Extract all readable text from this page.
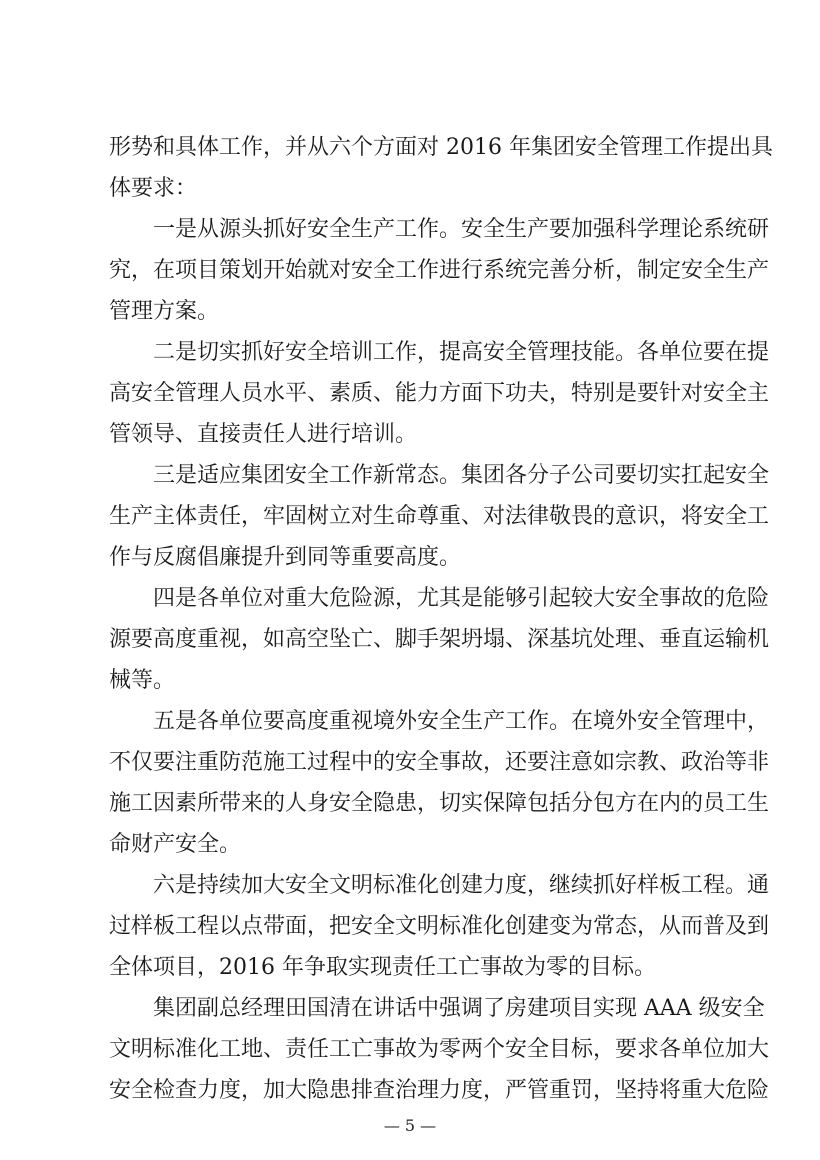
形势和具体工作，并从六个方面对 2016 年集团安全管理工作提出具
体要求：
一是从源头抓好安全生产工作。安全生产要加强科学理论系统研
究，在项目策划开始就对安全工作进行系统完善分析，制定安全生产
管理方案。
二是切实抓好安全培训工作，提高安全管理技能。各单位要在提
高安全管理人员水平、素质、能力方面下功夫，特别是要针对安全主
管领导、直接责任人进行培训。
三是适应集团安全工作新常态。集团各分子公司要切实扛起安全
生产主体责任，牢固树立对生命尊重、对法律敬畏的意识，将安全工
作与反腐倡廉提升到同等重要高度。
四是各单位对重大危险源，尤其是能够引起较大安全事故的危险
源要高度重视，如高空坠亡、脚手架坍塌、深基坑处理、垂直运输机
械等。
五是各单位要高度重视境外安全生产工作。在境外安全管理中，
不仅要注重防范施工过程中的安全事故，还要注意如宗教、政治等非
施工因素所带来的人身安全隐患，切实保障包括分包方在内的员工生
命财产安全。
六是持续加大安全文明标准化创建力度，继续抓好样板工程。通
过样板工程以点带面，把安全文明标准化创建变为常态，从而普及到
全体项目，2016 年争取实现责任工亡事故为零的目标。
集团副总经理田国清在讲话中强调了房建项目实现 AAA 级安全
文明标准化工地、责任工亡事故为零两个安全目标，要求各单位加大
安全检查力度，加大隐患排查治理力度，严管重罚，坚持将重大危险
— 5 —
